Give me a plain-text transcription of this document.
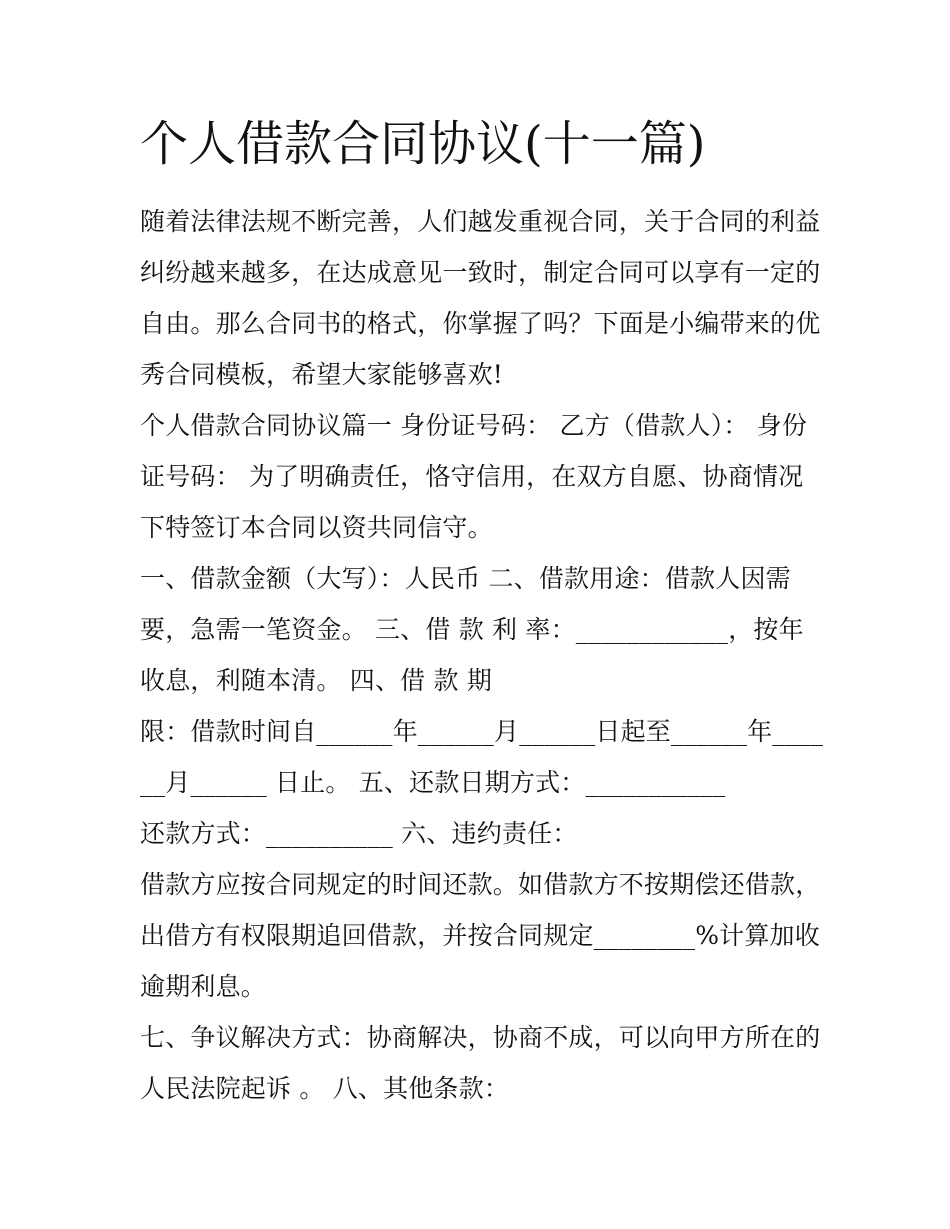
个人借款合同协议(十一篇)
随着法律法规不断完善，人们越发重视合同，关于合同的利益
纠纷越来越多，在达成意见一致时，制定合同可以享有一定的
自由。那么合同书的格式，你掌握了吗？下面是小编带来的优
秀合同模板，希望大家能够喜欢!
个人借款合同协议篇一 身份证号码： 乙方（借款人）： 身份
证号码： 为了明确责任，恪守信用，在双方自愿、协商情况
下特签订本合同以资共同信守。
一、借款金额（大写）：人民币 二、借款用途：借款人因需
要，急需一笔资金。 三、借 款 利 率：____________，按年
收息，利随本清。 四、借 款 期
限：借款时间自______年______月______日起至______年____
__月______ 日止。 五、还款日期方式：___________
还款方式：__________ 六、违约责任：
借款方应按合同规定的时间还款。如借款方不按期偿还借款，
出借方有权限期追回借款，并按合同规定________%计算加收
逾期利息。
七、争议解决方式：协商解决，协商不成，可以向甲方所在的
人民法院起诉 。 八、其他条款：
